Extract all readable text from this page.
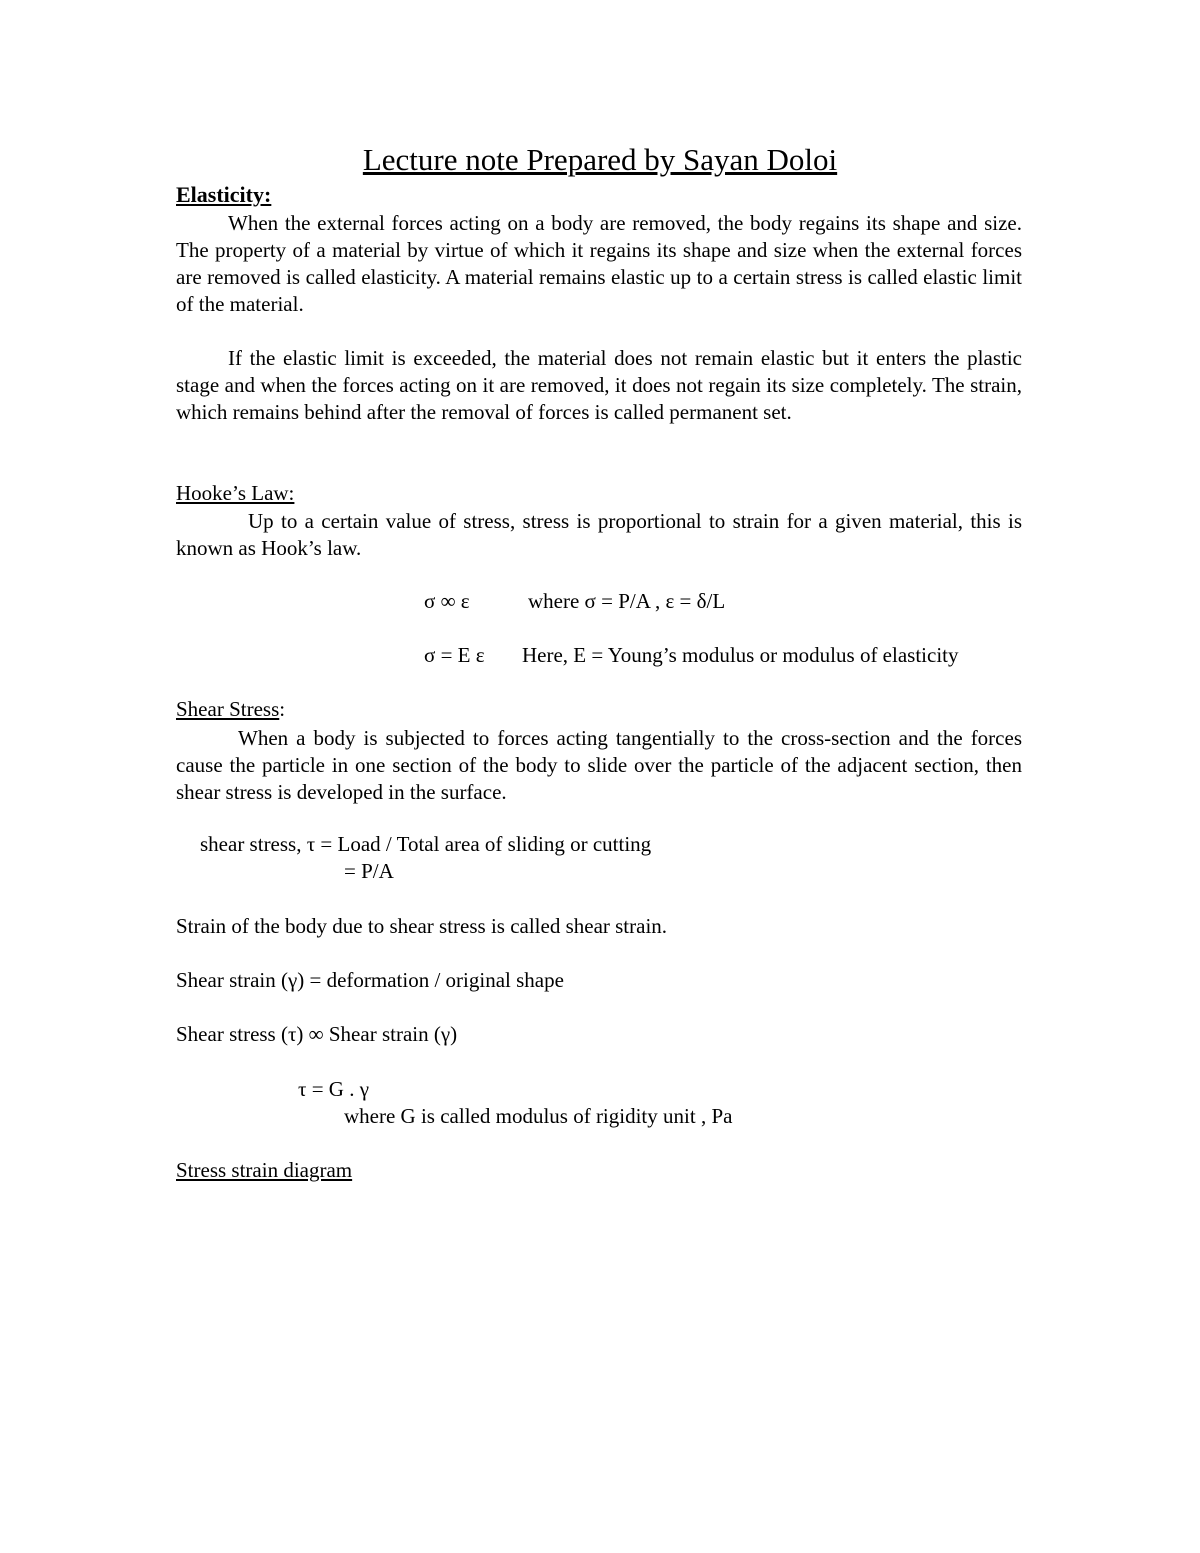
Lecture note Prepared by Sayan Doloi
Elasticity:
When the external forces acting on a body are removed, the body regains its shape and size. The property of a material by virtue of which it regains its shape and size when the external forces are removed is called elasticity. A material remains elastic up to a certain stress is called elastic limit of the material.
If the elastic limit is exceeded, the material does not remain elastic but it enters the plastic stage and when the forces acting on it are removed, it does not regain its size completely. The strain, which remains behind after the removal of forces is called permanent set.
Hooke’s Law:
Up to a certain value of stress, stress is proportional to strain for a given material, this is known as Hook’s law.
σ ∞ ε	where σ = P/A , ε = δ/L
σ = E ε Here, E = Young’s modulus or modulus of elasticity
Shear Stress:
When a body is subjected to forces acting tangentially to the cross-section and the forces cause the particle in one section of the body to slide over the particle of the adjacent section, then shear stress is developed in the surface.
shear stress, τ = Load / Total area of sliding or cutting
= P/A
Strain of the body due to shear stress is called shear strain.
Shear strain (γ) = deformation / original shape
Shear stress (τ) ∞ Shear strain (γ)
τ = G . γ
where G is called modulus of rigidity unit , Pa
Stress strain diagram
